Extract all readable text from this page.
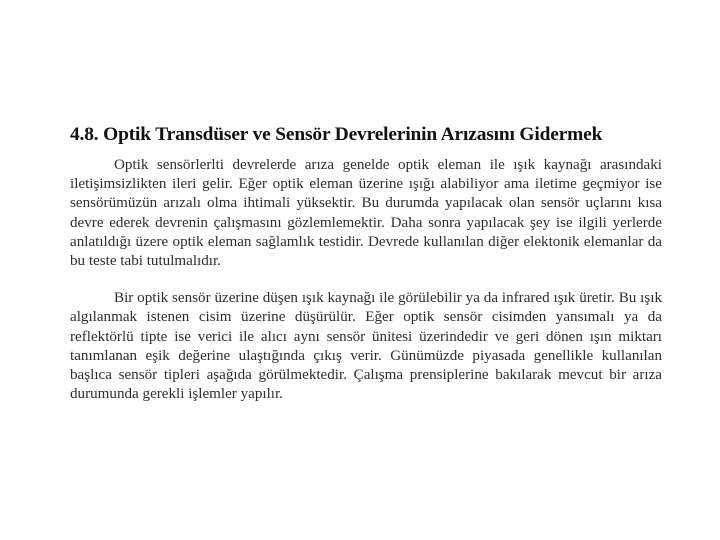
4.8. Optik Transdüser ve Sensör Devrelerinin Arızasını Gidermek

Optik sensörlerlti devrelerde arıza genelde optik eleman ile ışık kaynağı arasındaki iletişimsizlikten ileri gelir. Eğer optik eleman üzerine ışığı alabiliyor ama iletime geçmiyor ise sensörümüzün arızalı olma ihtimali yüksektir. Bu durumda yapılacak olan sensör uçlarını kısa devre ederek devrenin çalışmasını gözlemlemektir. Daha sonra yapılacak şey ise ilgili yerlerde anlatıldığı üzere optik eleman sağlamlık testidir. Devrede kullanılan diğer elektonik elemanlar da bu teste tabi tutulmalıdır.

Bir optik sensör üzerine düşen ışık kaynağı ile görülebilir ya da infrared ışık üretir. Bu ışık algılanmak istenen cisim üzerine düşürülür. Eğer optik sensör cisimden yansımalı ya da reflektörlü tipte ise verici ile alıcı aynı sensör ünitesi üzerindedir ve geri dönen ışın miktarı tanımlanan eşik değerine ulaştığında çıkış verir. Günümüzde piyasada genellikle kullanılan başlıca sensör tipleri aşağıda görülmektedir. Çalışma prensiplerine bakılarak mevcut bir arıza durumunda gerekli işlemler yapılır.
